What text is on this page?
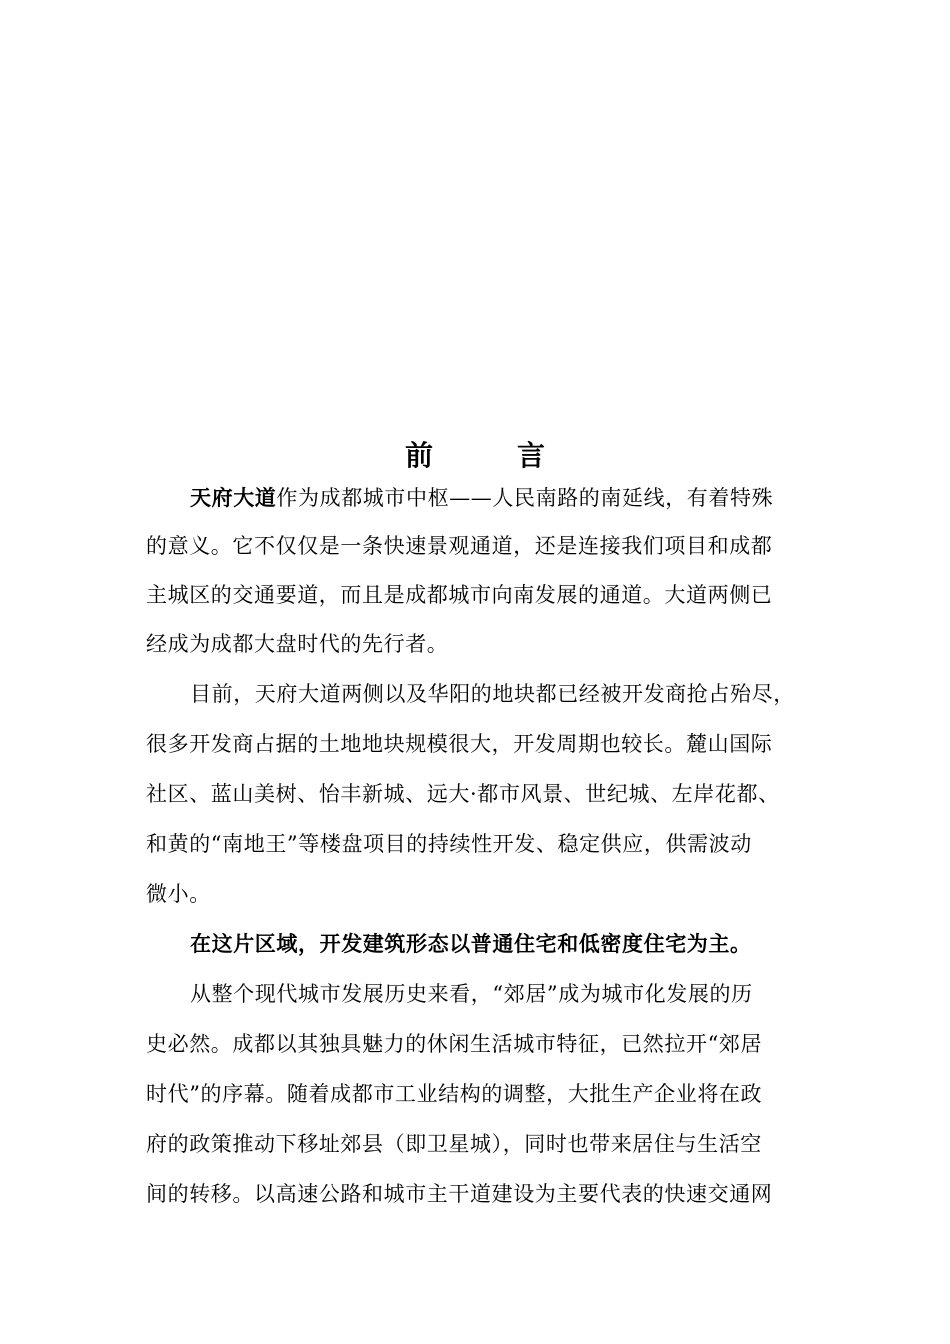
前　　　言
天府大道作为成都城市中枢——人民南路的南延线，有着特殊
的意义。它不仅仅是一条快速景观通道，还是连接我们项目和成都
主城区的交通要道，而且是成都城市向南发展的通道。大道两侧已
经成为成都大盘时代的先行者。
目前，天府大道两侧以及华阳的地块都已经被开发商抢占殆尽，
很多开发商占据的土地地块规模很大，开发周期也较长。麓山国际
社区、蓝山美树、怡丰新城、远大·都市风景、世纪城、左岸花都、
和黄的“南地王”等楼盘项目的持续性开发、稳定供应，供需波动
微小。
在这片区域，开发建筑形态以普通住宅和低密度住宅为主。
从整个现代城市发展历史来看，“郊居”成为城市化发展的历
史必然。成都以其独具魅力的休闲生活城市特征，已然拉开“郊居
时代”的序幕。随着成都市工业结构的调整，大批生产企业将在政
府的政策推动下移址郊县（即卫星城），同时也带来居住与生活空
间的转移。以高速公路和城市主干道建设为主要代表的快速交通网
